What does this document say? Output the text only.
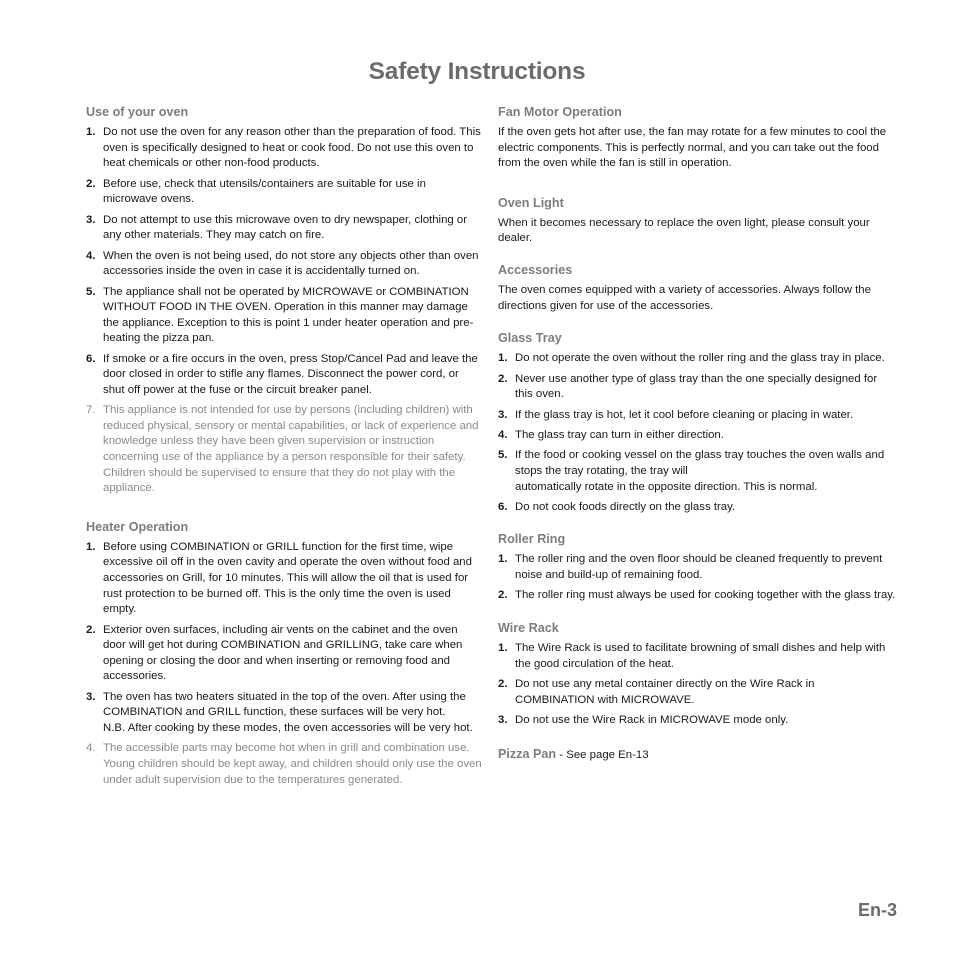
Safety Instructions
Use of your oven
1. Do not use the oven for any reason other than the preparation of food. This oven is specifically designed to heat or cook food. Do not use this oven to heat chemicals or other non-food products.
2. Before use, check that utensils/containers are suitable for use in microwave ovens.
3. Do not attempt to use this microwave oven to dry newspaper, clothing or any other materials. They may catch on fire.
4. When the oven is not being used, do not store any objects other than oven accessories inside the oven in case it is accidentally turned on.
5. The appliance shall not be operated by MICROWAVE or COMBINATION WITHOUT FOOD IN THE OVEN. Operation in this manner may damage the appliance. Exception to this is point 1 under heater operation and pre-heating the pizza pan.
6. If smoke or a fire occurs in the oven, press Stop/Cancel Pad and leave the door closed in order to stifle any flames. Disconnect the power cord, or shut off power at the fuse or the circuit breaker panel.
7. This appliance is not intended for use by persons (including children) with reduced physical, sensory or mental capabilities, or lack of experience and knowledge unless they have been given supervision or instruction concerning use of the appliance by a person responsible for their safety. Children should be supervised to ensure that they do not play with the appliance.
Heater Operation
1. Before using COMBINATION or GRILL function for the first time, wipe excessive oil off in the oven cavity and operate the oven without food and accessories on Grill, for 10 minutes. This will allow the oil that is used for rust protection to be burned off. This is the only time the oven is used empty.
2. Exterior oven surfaces, including air vents on the cabinet and the oven door will get hot during COMBINATION and GRILLING, take care when opening or closing the door and when inserting or removing food and accessories.
3. The oven has two heaters situated in the top of the oven. After using the COMBINATION and GRILL function, these surfaces will be very hot.
N.B. After cooking by these modes, the oven accessories will be very hot.
4. The accessible parts may become hot when in grill and combination use. Young children should be kept away, and children should only use the oven under adult supervision due to the temperatures generated.
Fan Motor Operation

If the oven gets hot after use, the fan may rotate for a few minutes to cool the electric components. This is perfectly normal, and you can take out the food from the oven while the fan is still in operation.

Oven Light

When it becomes necessary to replace the oven light, please consult your dealer.

Accessories

The oven comes equipped with a variety of accessories. Always follow the directions given for use of the accessories.

Glass Tray
1. Do not operate the oven without the roller ring and the glass tray in place.
2. Never use another type of glass tray than the one specially designed for this oven.
3. If the glass tray is hot, let it cool before cleaning or placing in water.
4. The glass tray can turn in either direction.
5. If the food or cooking vessel on the glass tray touches the oven walls and stops the tray rotating, the tray will
automatically rotate in the opposite direction. This is normal.
6. Do not cook foods directly on the glass tray.
Roller Ring
1. The roller ring and the oven floor should be cleaned frequently to prevent noise and build-up of remaining food.
2. The roller ring must always be used for cooking together with the glass tray.
Wire Rack
1. The Wire Rack is used to facilitate browning of small dishes and help with the good circulation of the heat.
2. Do not use any metal container directly on the Wire Rack in COMBINATION with MICROWAVE.
3. Do not use the Wire Rack in MICROWAVE mode only.
Pizza Pan - See page En-13
En-3
